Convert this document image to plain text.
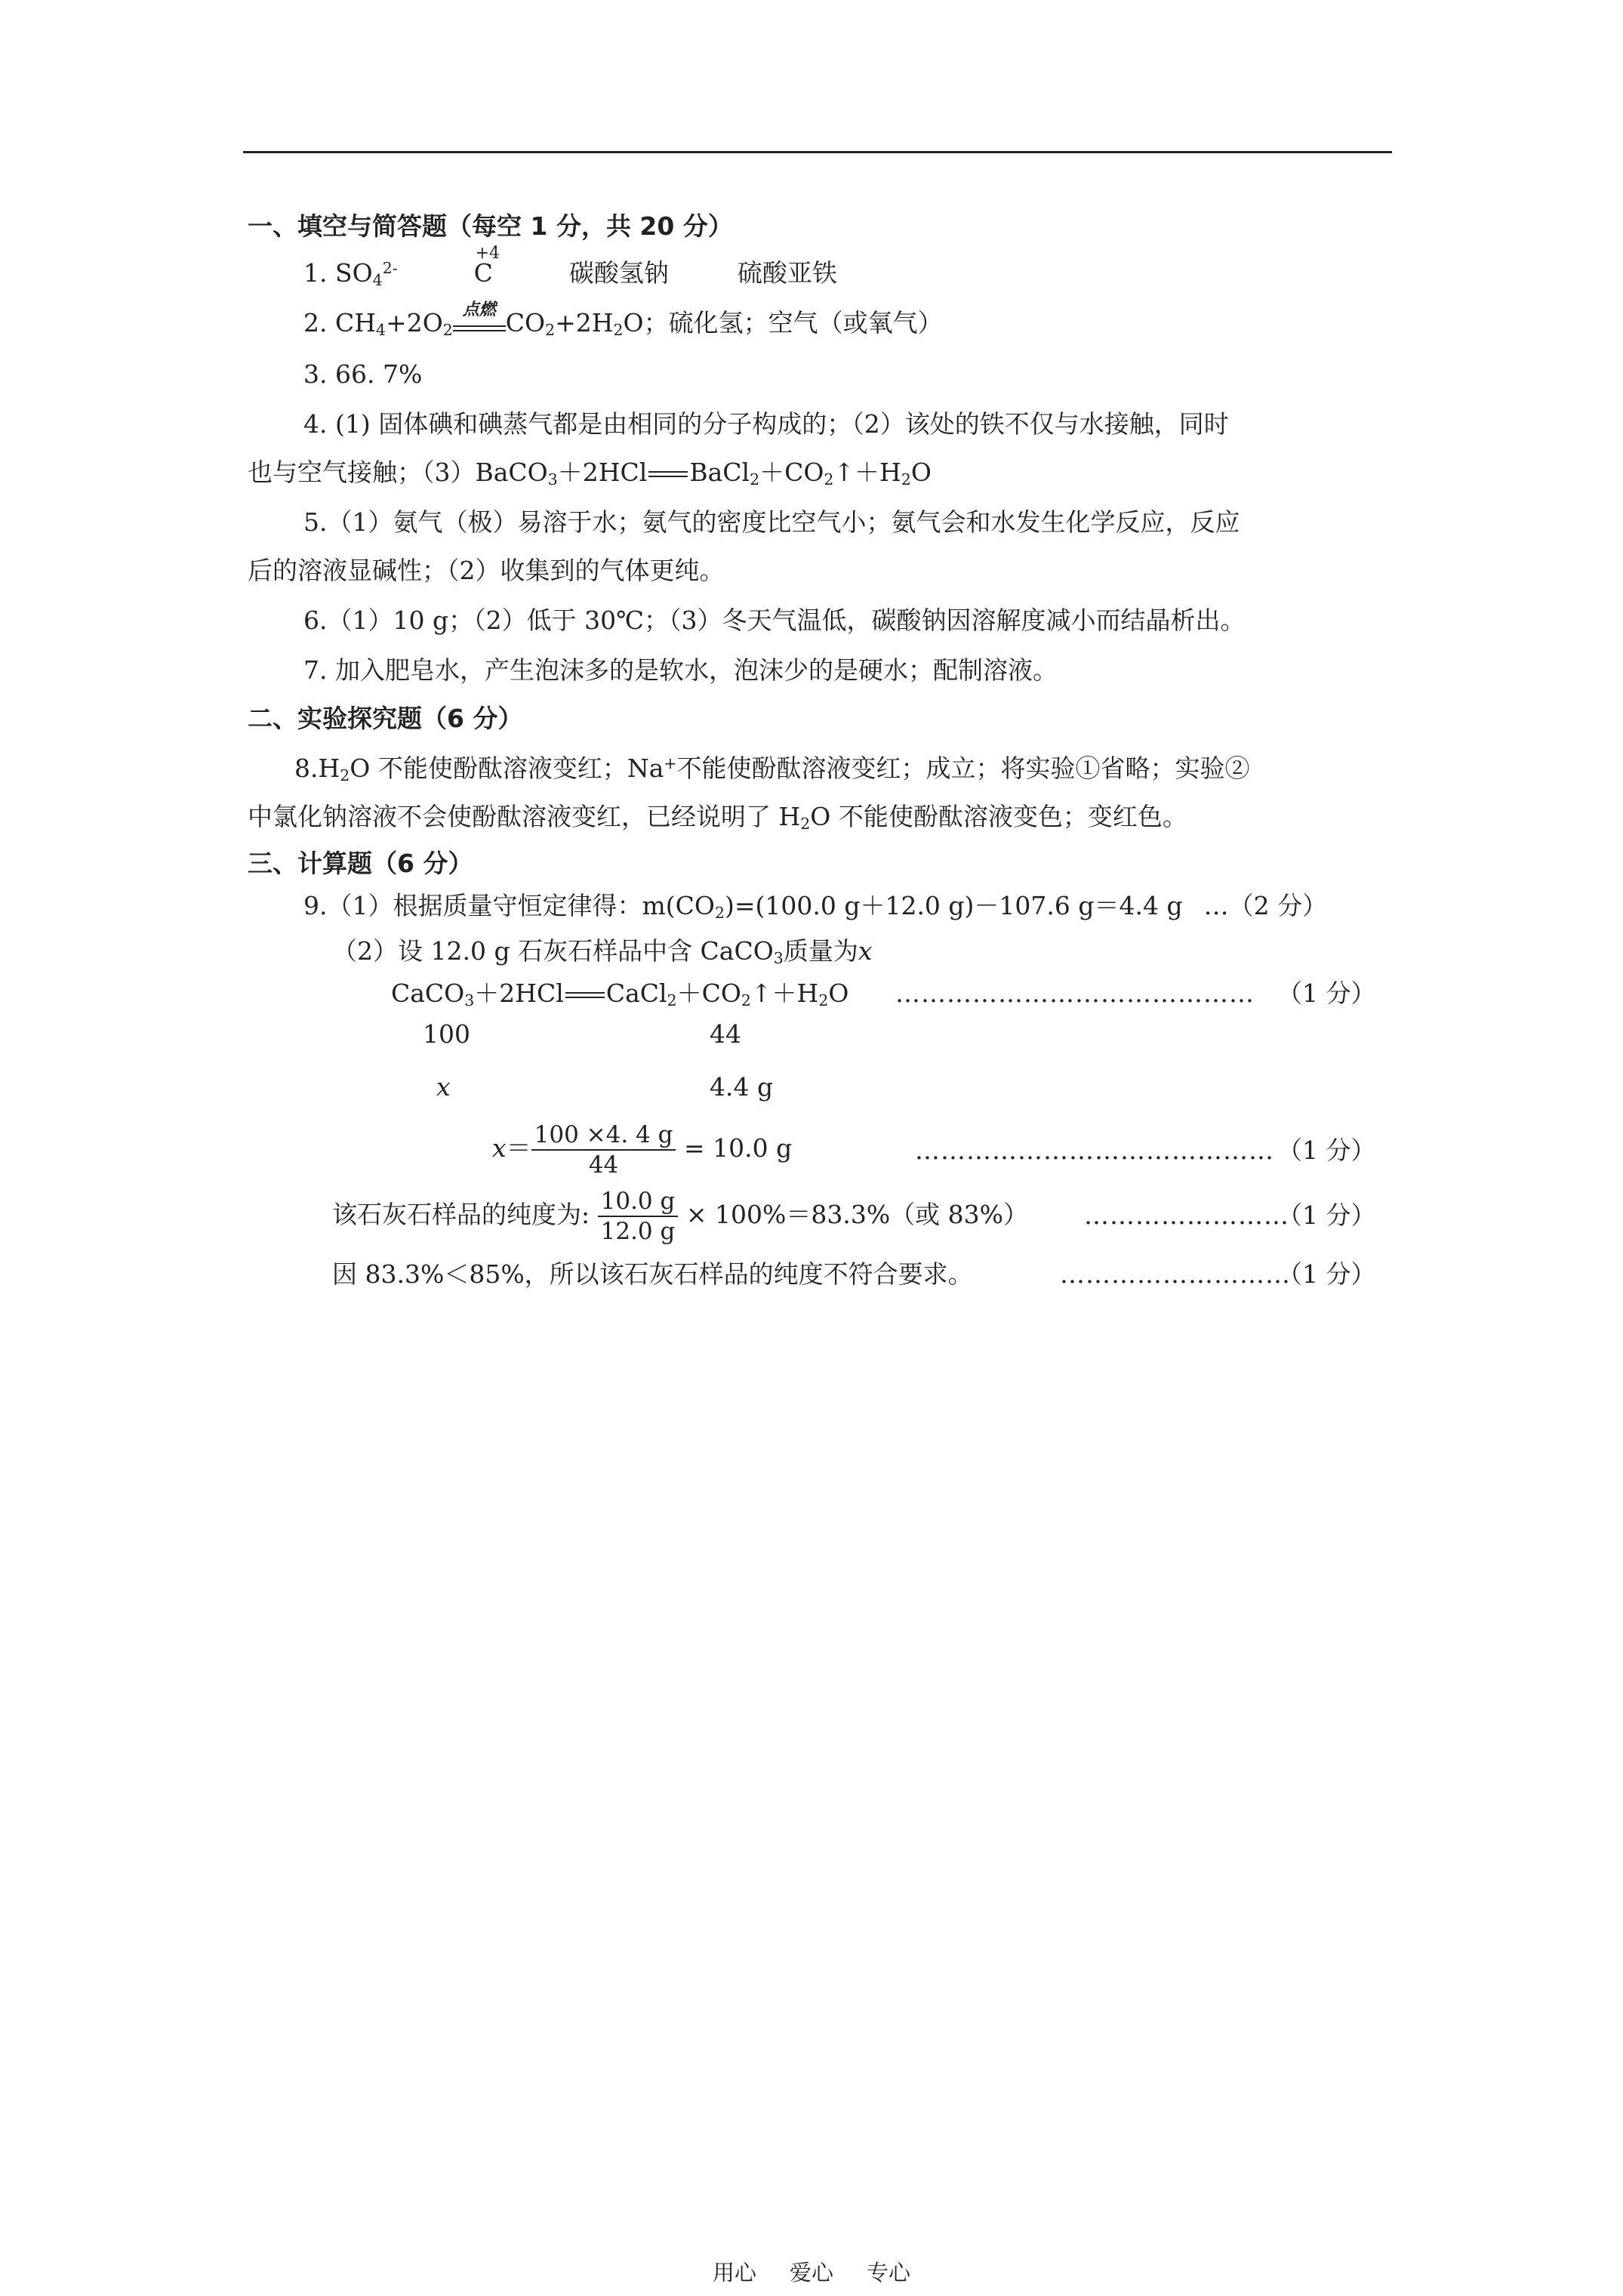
一、填空与简答题（每空 1 分，共 20 分）
1. $SO_4^{2-}$
+4
C	碳酸氢钠	硫酸亚铁
2. $CH_4+2O_2$
点燃 $CO_2+2H_2O$；硫化氢；空气（或氧气）
3. 66. 7%
4. (1) 固体碘和碘蒸气都是由相同的分子构成的；（2）该处的铁不仅与水接触，同时
也与空气接触；（3）BaCO$_3$＋2HCl $BaCl_2+CO_2↑+H_2O$
5.（1）氨气（极）易溶于水；氨气的密度比空气小；氨气会和水发生化学反应，反应
后的溶液显碱性；（2）收集到的气体更纯。
6.（1）10 g；（2）低于 30℃；（3）冬天气温低，碳酸钠因溶解度减小而结晶析出。
7. 加入肥皂水，产生泡沫多的是软水，泡沫少的是硬水；配制溶液。
二、实验探究题（6 分）
$8.H_2O$ 不能使酚酞溶液变红；Na+不能使酚酞溶液变红；成立；将实验①省略；实验②
中氯化钠溶液不会使酚酞溶液变红，已经说明了 $H_2O$ 不能使酚酞溶液变色；变红色。
三、计算题（6 分）
9.（1）根据质量守恒定律得：$m(CO_2)=(100.0$ g＋12.0 g)－107.6 g＝4.4 g …（2 分）
（2）设 12.0 g 石灰石样品中含 CaCO$_3$质量为x
CaCO$_3$＋2HCl $CaCl_2+CO_2↑+H_2O$ …………………………………… （1 分）
100	44
x	4.4 g
$x= \frac{100 \times 4. 4 g}{44} = 10.0$ g	…………………………………… （1 分）
该石灰石样品的纯度为: $\frac{10.0 g}{12.0 g} \times 100\%=83.3\%$（或 83%） ……………………
（1 分）
因 83.3%＜85%，所以该石灰石样品的纯度不符合要求。	………………………
（1 分）
用心 爱心 专心
